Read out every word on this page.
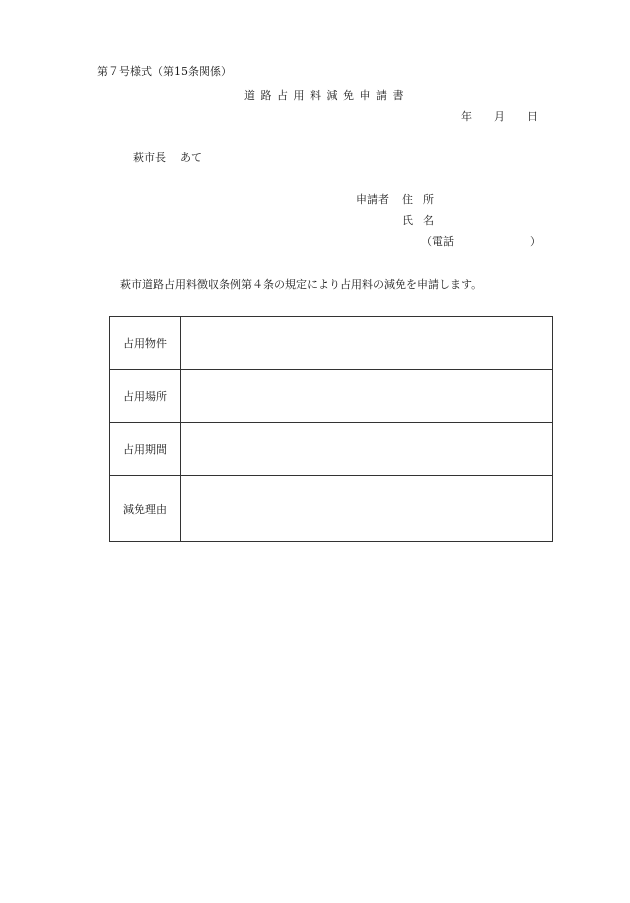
第７号様式（第15条関係）
道路占用料減免申請書
年 月 日
萩市長 あて
申請者 住所
氏名
（電話	）
萩市道路占用料徴収条例第４条の規定により占用料の減免を申請します。
占用物件	
占用場所	
占用期間	
減免理由	
